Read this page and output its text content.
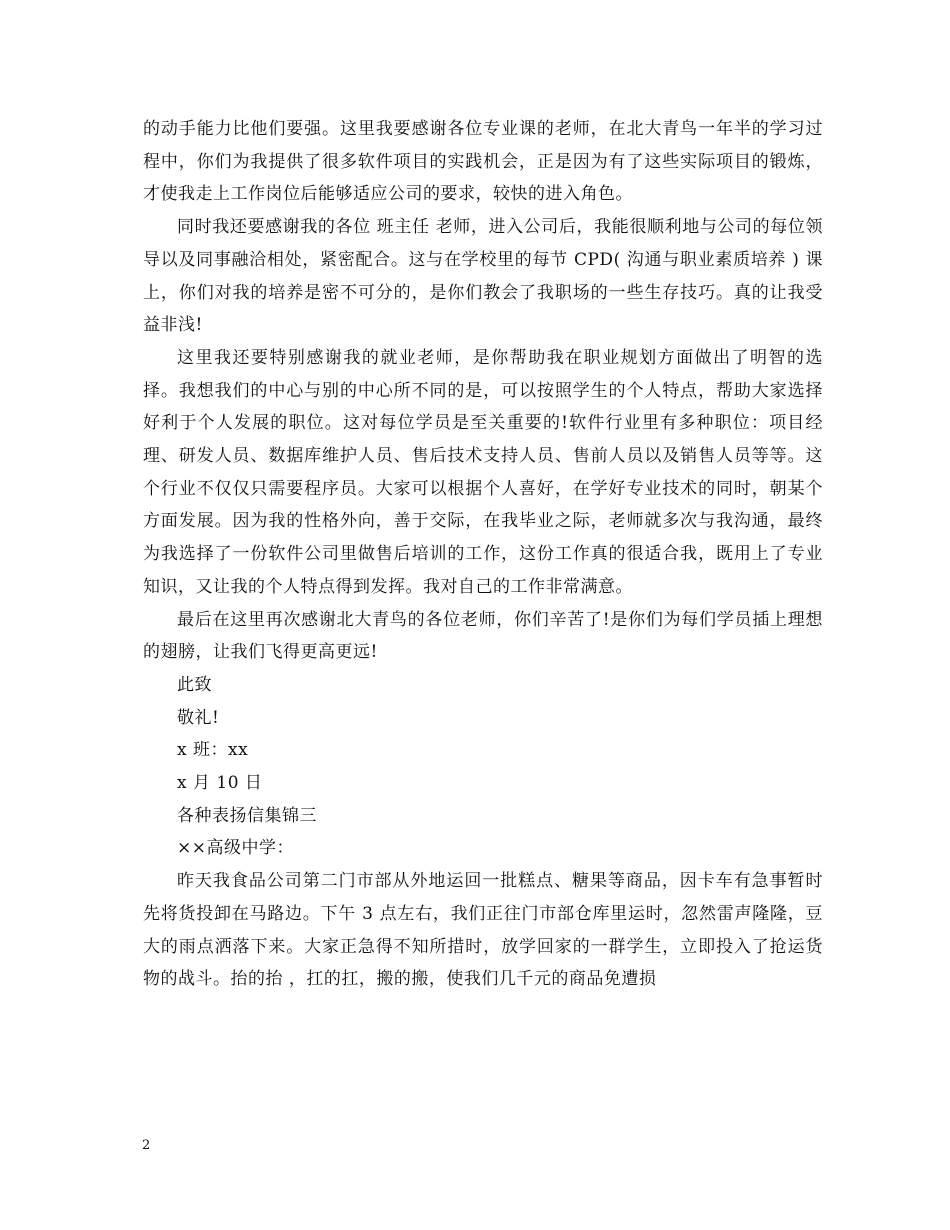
的动手能力比他们要强。这里我要感谢各位专业课的老师，在北大青鸟一年半的学习过程中，你们为我提供了很多软件项目的实践机会，正是因为有了这些实际项目的锻炼，才使我走上工作岗位后能够适应公司的要求，较快的进入角色。

同时我还要感谢我的各位 班主任 老师，进入公司后，我能很顺利地与公司的每位领导以及同事融洽相处，紧密配合。这与在学校里的每节 CPD( 沟通与职业素质培养 ) 课上，你们对我的培养是密不可分的，是你们教会了我职场的一些生存技巧。真的让我受益非浅!

这里我还要特别感谢我的就业老师，是你帮助我在职业规划方面做出了明智的选择。我想我们的中心与别的中心所不同的是，可以按照学生的个人特点，帮助大家选择好利于个人发展的职位。这对每位学员是至关重要的!软件行业里有多种职位：项目经理、研发人员、数据库维护人员、售后技术支持人员、售前人员以及销售人员等等。这个行业不仅仅只需要程序员。大家可以根据个人喜好，在学好专业技术的同时，朝某个方面发展。因为我的性格外向，善于交际，在我毕业之际，老师就多次与我沟通，最终为我选择了一份软件公司里做售后培训的工作，这份工作真的很适合我，既用上了专业知识，又让我的个人特点得到发挥。我对自己的工作非常满意。

最后在这里再次感谢北大青鸟的各位老师，你们辛苦了!是你们为每们学员插上理想的翅膀，让我们飞得更高更远!

此致

敬礼!

x 班：xx

x 月 10 日

各种表扬信集锦三

××高级中学：

昨天我食品公司第二门市部从外地运回一批糕点、糖果等商品，因卡车有急事暂时先将货投卸在马路边。下午 3 点左右，我们正往门市部仓库里运时，忽然雷声隆隆，豆大的雨点洒落下来。大家正急得不知所措时，放学回家的一群学生，立即投入了抢运货物的战斗。抬的抬 ，扛的扛，搬的搬，使我们几千元的商品免遭损

2
